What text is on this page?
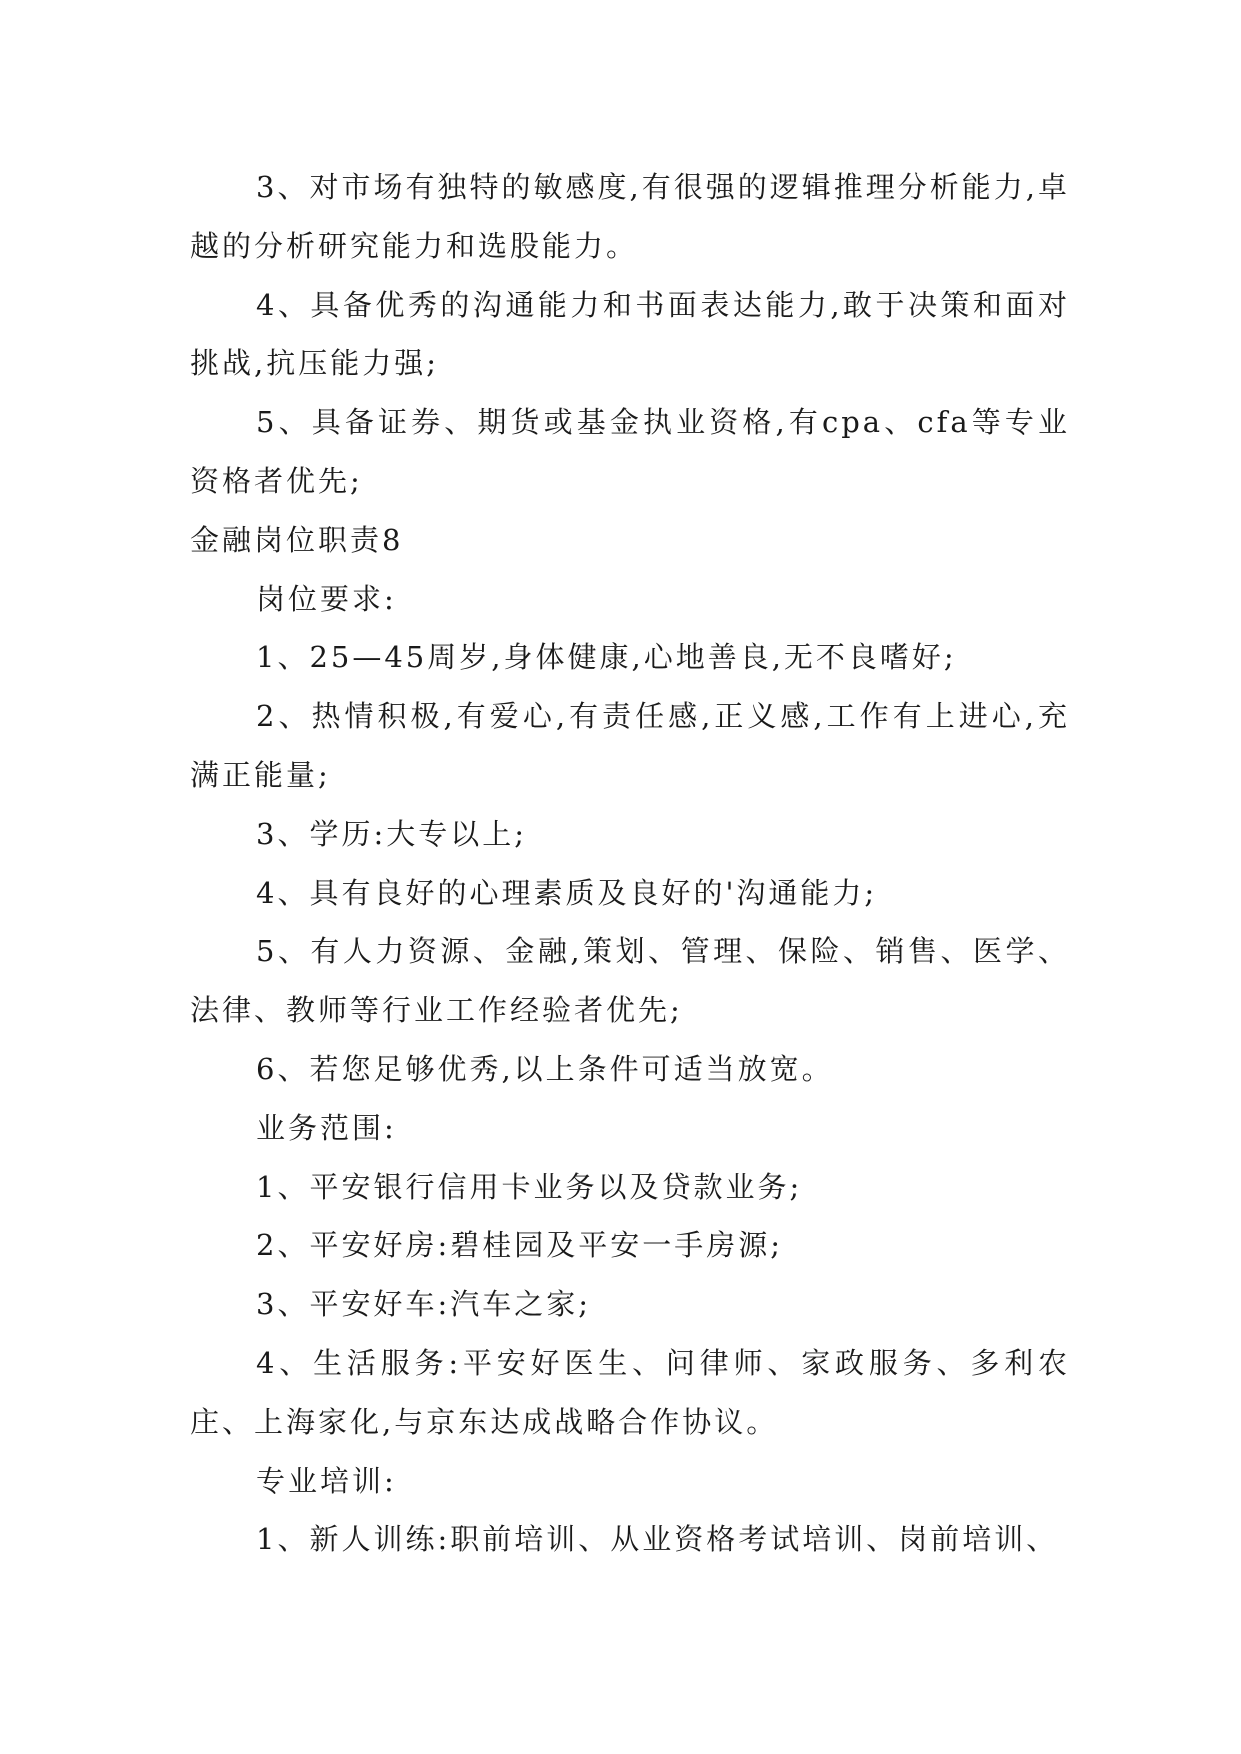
3、对市场有独特的敏感度,有很强的逻辑推理分析能力,卓越的分析研究能力和选股能力。

4、具备优秀的沟通能力和书面表达能力,敢于决策和面对挑战,抗压能力强;

5、具备证券、期货或基金执业资格,有cpa、cfa等专业资格者优先;

金融岗位职责8

岗位要求:

1、25—45周岁,身体健康,心地善良,无不良嗜好;

2、热情积极,有爱心,有责任感,正义感,工作有上进心,充满正能量;

3、学历:大专以上;

4、具有良好的心理素质及良好的'沟通能力;

5、有人力资源、金融,策划、管理、保险、销售、医学、法律、教师等行业工作经验者优先;

6、若您足够优秀,以上条件可适当放宽。

业务范围:

1、平安银行信用卡业务以及贷款业务;

2、平安好房:碧桂园及平安一手房源;

3、平安好车:汽车之家;

4、生活服务:平安好医生、问律师、家政服务、多利农庄、上海家化,与京东达成战略合作协议。

专业培训:

1、新人训练:职前培训、从业资格考试培训、岗前培训、
